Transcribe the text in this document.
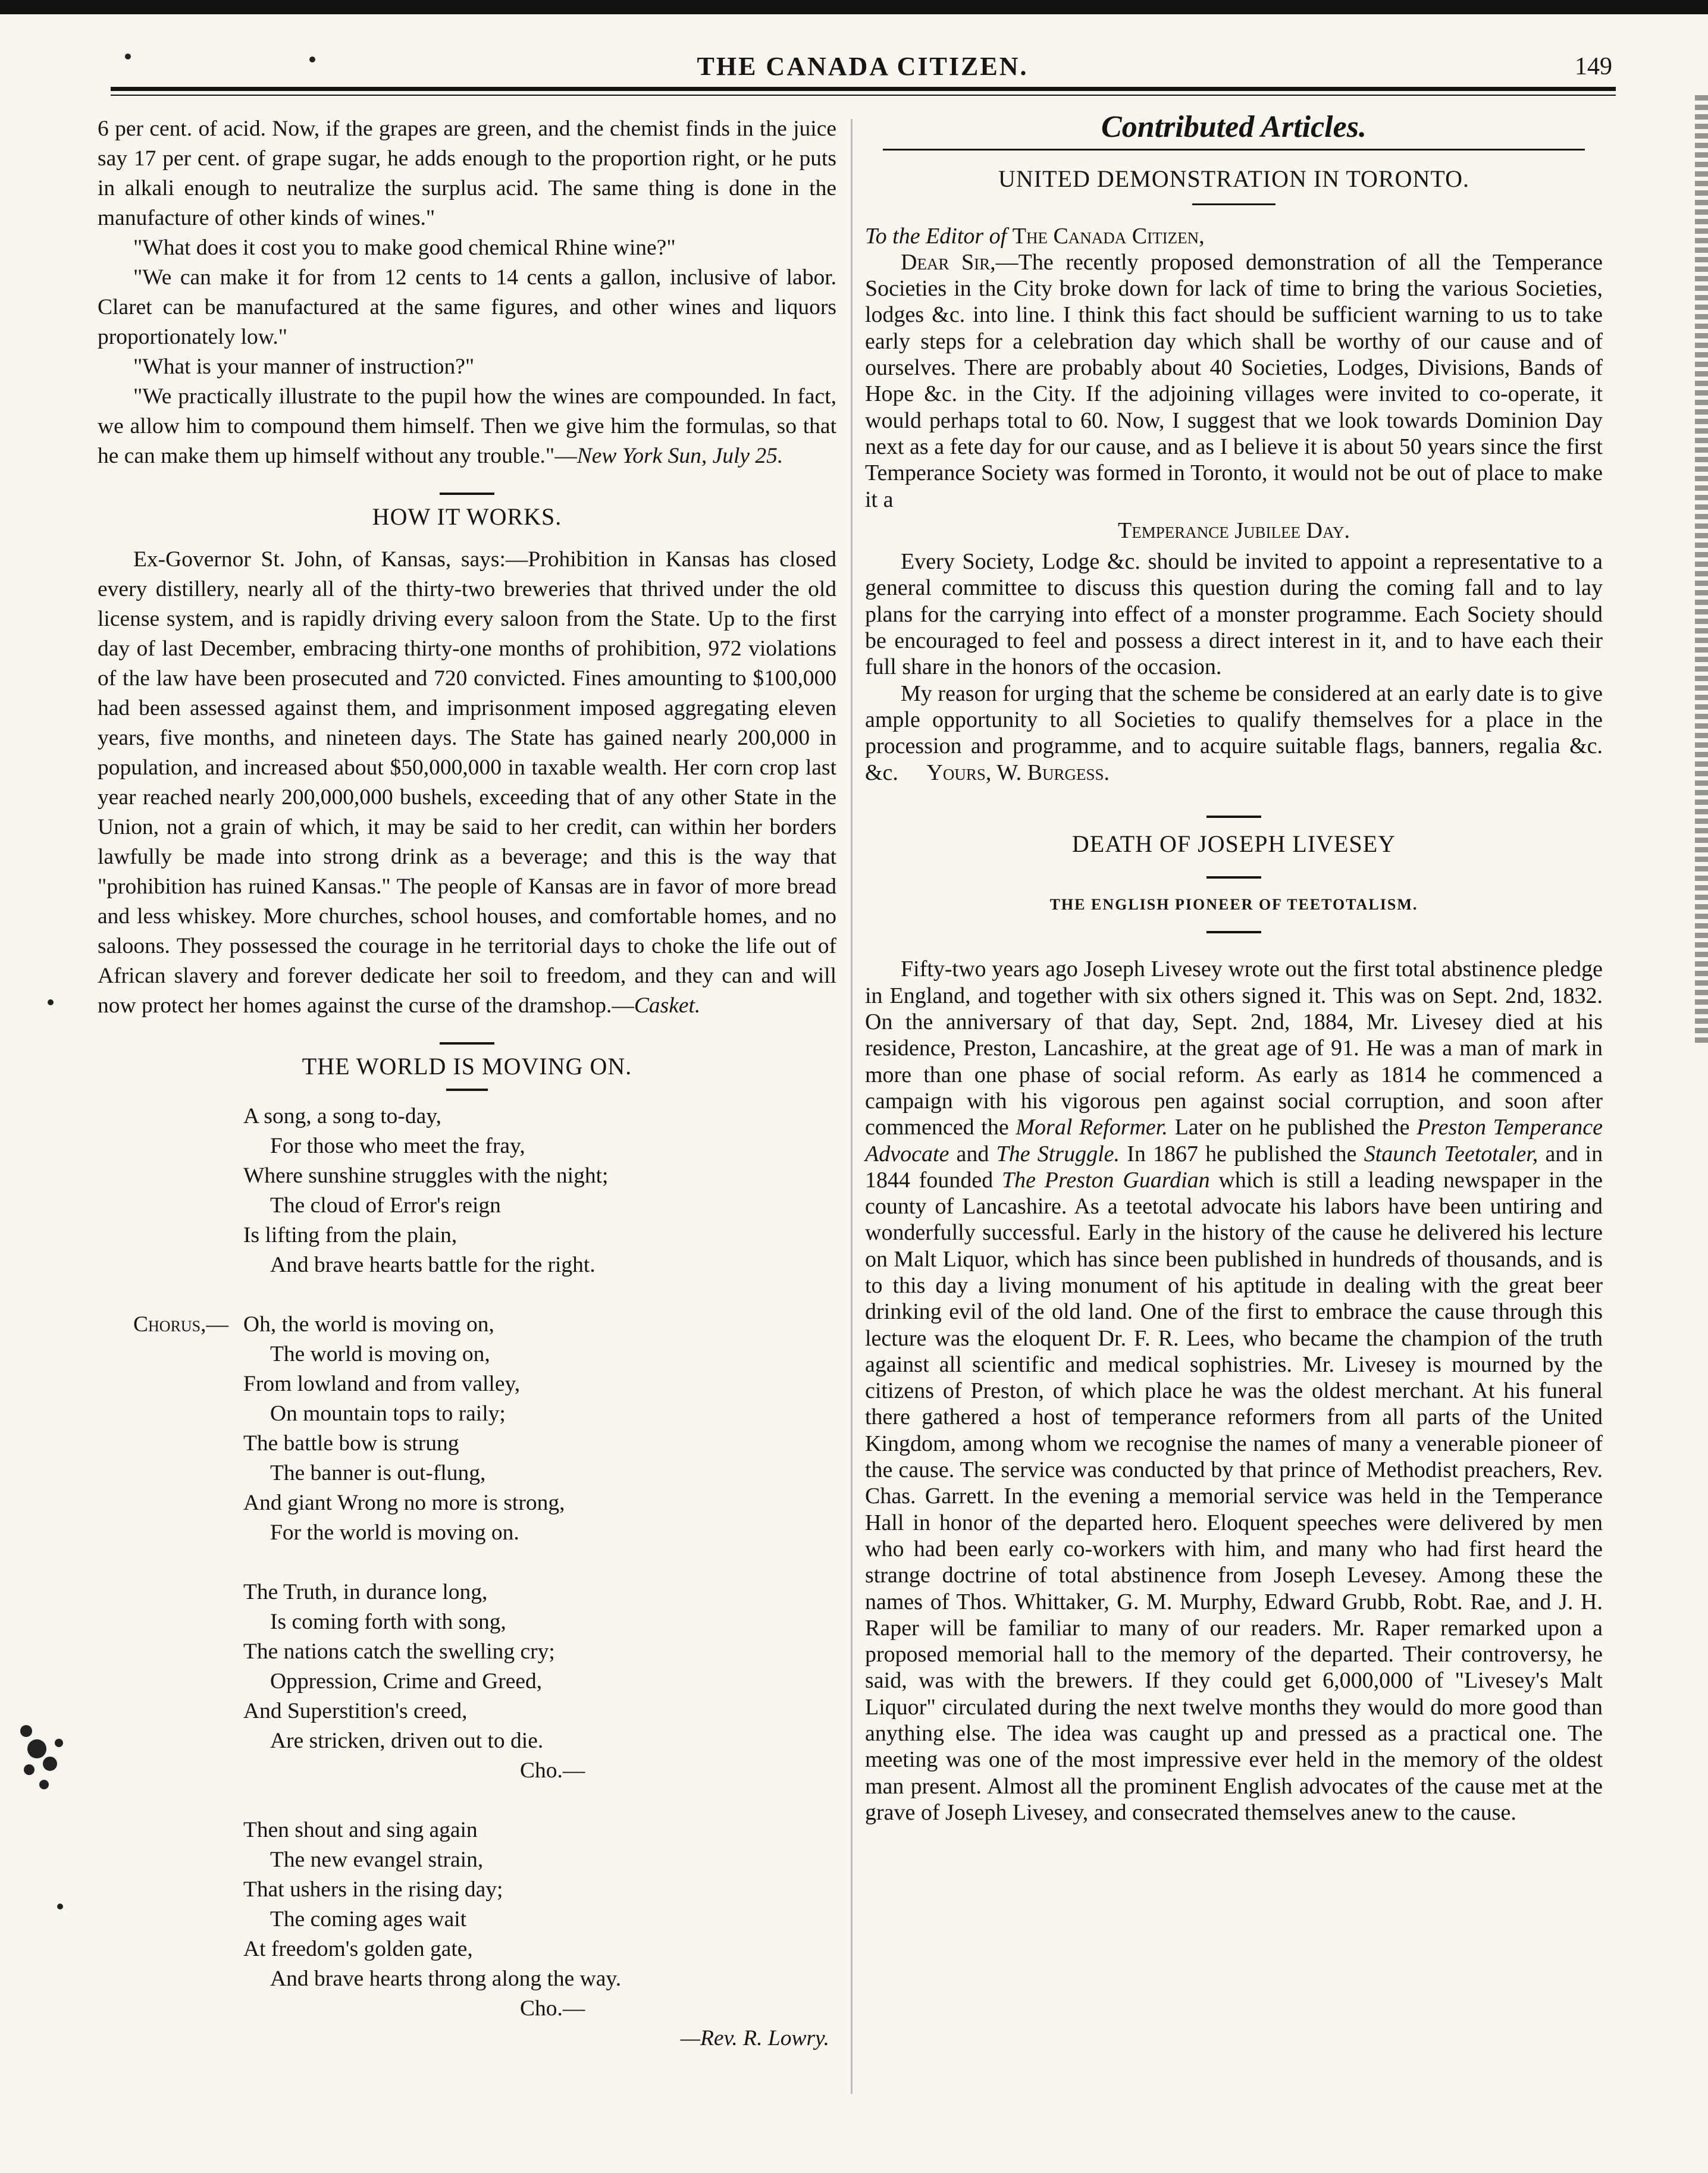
THE CANADA CITIZEN.	149

6 per cent. of acid. Now, if the grapes are green, and the chemist finds in the juice say 17 per cent. of grape sugar, he adds enough to the proportion right, or he puts in alkali enough to neutralize the surplus acid. The same thing is done in the manufacture of other kinds of wines."

"What does it cost you to make good chemical Rhine wine?"

"We can make it for from 12 cents to 14 cents a gallon, inclusive of labor. Claret can be manufactured at the same figures, and other wines and liquors proportionately low."

"What is your manner of instruction?"

"We practically illustrate to the pupil how the wines are compounded. In fact, we allow him to compound them himself. Then we give him the formulas, so that he can make them up himself without any trouble."—New York Sun, July 25.

HOW IT WORKS.

Ex-Governor St. John, of Kansas, says:—Prohibition in Kansas has closed every distillery, nearly all of the thirty-two breweries that thrived under the old license system, and is rapidly driving every saloon from the State. Up to the first day of last December, embracing thirty-one months of prohibition, 972 violations of the law have been prosecuted and 720 convicted. Fines amounting to $100,000 had been assessed against them, and imprisonment imposed aggregating eleven years, five months, and nineteen days. The State has gained nearly 200,000 in population, and increased about $50,000,000 in taxable wealth. Her corn crop last year reached nearly 200,000,000 bushels, exceeding that of any other State in the Union, not a grain of which, it may be said to her credit, can within her borders lawfully be made into strong drink as a beverage; and this is the way that "prohibition has ruined Kansas." The people of Kansas are in favor of more bread and less whiskey. More churches, school houses, and comfortable homes, and no saloons. They possessed the courage in he territorial days to choke the life out of African slavery and forever dedicate her soil to freedom, and they can and will now protect her homes against the curse of the dramshop.—Casket.

THE WORLD IS MOVING ON.
A song, a song to-day,
For those who meet the fray,
Where sunshine struggles with the night;
The cloud of Error's reign
Is lifting from the plain,
And brave hearts battle for the right.
Chorus,— Oh, the world is moving on,
The world is moving on,
From lowland and from valley,
On mountain tops to raily;
The battle bow is strung
The banner is out-flung,
And giant Wrong no more is strong,
For the world is moving on.
The Truth, in durance long,
Is coming forth with song,
The nations catch the swelling cry;
Oppression, Crime and Greed,
And Superstition's creed,
Are stricken, driven out to die.
Cho.—
Then shout and sing again
The new evangel strain,
That ushers in the rising day;
The coming ages wait
At freedom's golden gate,
And brave hearts throng along the way.
Cho.—
—Rev. R. Lowry.
Contributed Articles.
UNITED DEMONSTRATION IN TORONTO.

To the Editor of The Canada Citizen,

Dear Sir,—The recently proposed demonstration of all the Temperance Societies in the City broke down for lack of time to bring the various Societies, lodges &c. into line. I think this fact should be sufficient warning to us to take early steps for a celebration day which shall be worthy of our cause and of ourselves. There are probably about 40 Societies, Lodges, Divisions, Bands of Hope &c. in the City. If the adjoining villages were invited to co-operate, it would perhaps total to 60. Now, I suggest that we look towards Dominion Day next as a fete day for our cause, and as I believe it is about 50 years since the first Temperance Society was formed in Toronto, it would not be out of place to make it a

Temperance Jubilee Day.

Every Society, Lodge &c. should be invited to appoint a representative to a general committee to discuss this question during the coming fall and to lay plans for the carrying into effect of a monster programme. Each Society should be encouraged to feel and possess a direct interest in it, and to have each their full share in the honors of the occasion.

My reason for urging that the scheme be considered at an early date is to give ample opportunity to all Societies to qualify themselves for a place in the procession and programme, and to acquire suitable flags, banners, regalia &c. &c. Yours, W. Burgess.

DEATH OF JOSEPH LIVESEY
THE ENGLISH PIONEER OF TEETOTALISM.

Fifty-two years ago Joseph Livesey wrote out the first total abstinence pledge in England, and together with six others signed it. This was on Sept. 2nd, 1832. On the anniversary of that day, Sept. 2nd, 1884, Mr. Livesey died at his residence, Preston, Lancashire, at the great age of 91. He was a man of mark in more than one phase of social reform. As early as 1814 he commenced a campaign with his vigorous pen against social corruption, and soon after commenced the Moral Reformer. Later on he published the Preston Temperance Advocate and The Struggle. In 1867 he published the Staunch Teetotaler, and in 1844 founded The Preston Guardian which is still a leading newspaper in the county of Lancashire. As a teetotal advocate his labors have been untiring and wonderfully successful. Early in the history of the cause he delivered his lecture on Malt Liquor, which has since been published in hundreds of thousands, and is to this day a living monument of his aptitude in dealing with the great beer drinking evil of the old land. One of the first to embrace the cause through this lecture was the eloquent Dr. F. R. Lees, who became the champion of the truth against all scientific and medical sophistries. Mr. Livesey is mourned by the citizens of Preston, of which place he was the oldest merchant. At his funeral there gathered a host of temperance reformers from all parts of the United Kingdom, among whom we recognise the names of many a venerable pioneer of the cause. The service was conducted by that prince of Methodist preachers, Rev. Chas. Garrett. In the evening a memorial service was held in the Temperance Hall in honor of the departed hero. Eloquent speeches were delivered by men who had been early co-workers with him, and many who had first heard the strange doctrine of total abstinence from Joseph Levesey. Among these the names of Thos. Whittaker, G. M. Murphy, Edward Grubb, Robt. Rae, and J. H. Raper will be familiar to many of our readers. Mr. Raper remarked upon a proposed memorial hall to the memory of the departed. Their controversy, he said, was with the brewers. If they could get 6,000,000 of "Livesey's Malt Liquor" circulated during the next twelve months they would do more good than anything else. The idea was caught up and pressed as a practical one. The meeting was one of the most impressive ever held in the memory of the oldest man present. Almost all the prominent English advocates of the cause met at the grave of Joseph Livesey, and consecrated themselves anew to the cause.
